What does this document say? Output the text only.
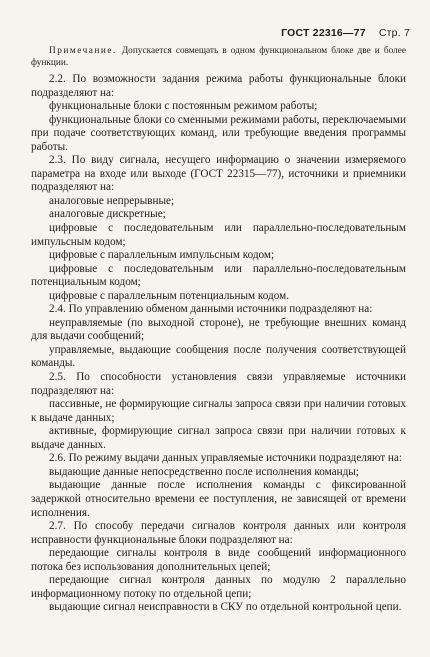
ГОСТ 22316—77 Стр. 7

Примечание. Допускается совмещать в одном функциональном блоке две и более функции.

2.2. По возможности задания режима работы функциональные блоки подразделяют на:

функциональные блоки с постоянным режимом работы;

функциональные блоки со сменными режимами работы, переключаемыми при подаче соответствующих команд, или требующие введения программы работы.

2.3. По виду сигнала, несущего информацию о значении измеряемого параметра на входе или выходе (ГОСТ 22315—77), источники и приемники подразделяют на:

аналоговые непрерывные;

аналоговые дискретные;

цифровые с последовательным или параллельно-последовательным импульсным кодом;

цифровые с параллельным импульсным кодом;

цифровые с последовательным или параллельно-последовательным потенциальным кодом;

цифровые с параллельным потенциальным кодом.

2.4. По управлению обменом данными источники подразделяют на:

неуправляемые (по выходной стороне), не требующие внешних команд для выдачи сообщений;

управляемые, выдающие сообщения после получения соответствующей команды.

2.5. По способности установления связи управляемые источники подразделяют на:

пассивные, не формирующие сигналы запроса связи при наличии готовых к выдаче данных;

активные, формирующие сигнал запроса связи при наличии готовых к выдаче данных.

2.6. По режиму выдачи данных управляемые источники подразделяют на:

выдающие данные непосредственно после исполнения команды;

выдающие данные после исполнения команды с фиксированной задержкой относительно времени ее поступления, не зависящей от времени исполнения.

2.7. По способу передачи сигналов контроля данных или контроля исправности функциональные блоки подразделяют на:

передающие сигналы контроля в виде сообщений информационного потока без использования дополнительных цепей;

передающие сигнал контроля данных по модулю 2 параллельно информационному потоку по отдельной цепи;

выдающие сигнал неисправности в СКУ по отдельной контрольной цепи.
